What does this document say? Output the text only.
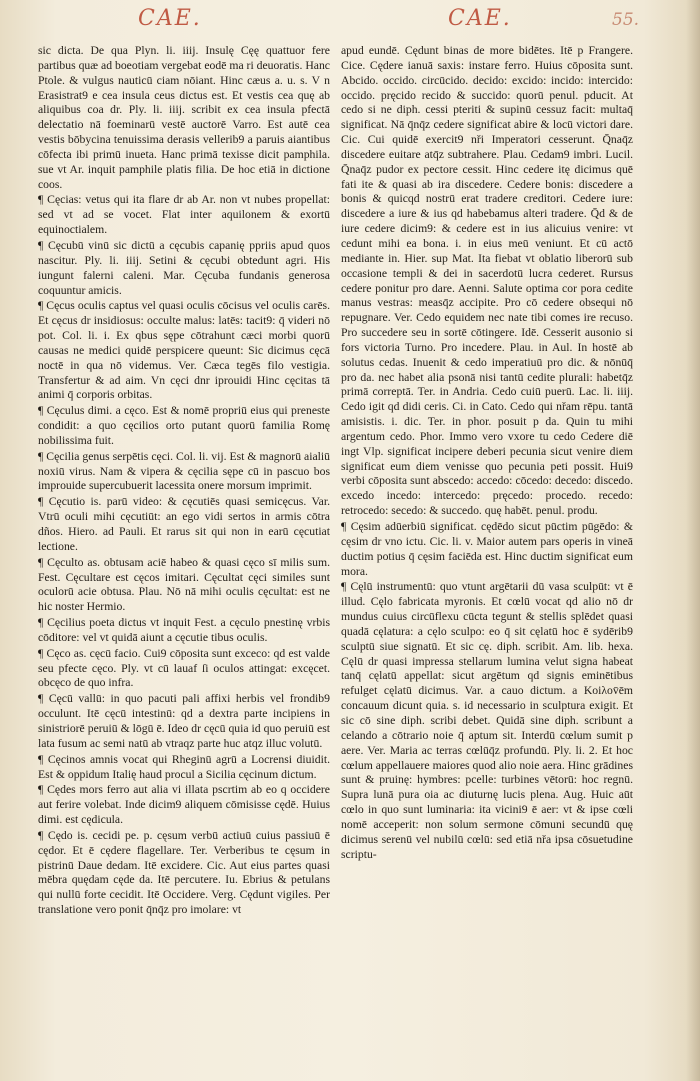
CAE.	CAE.	55.

sic dicta. De qua Plyn. li. iiij. Insulę Cęę quattuor fere partibus quæ ad boeotiam vergebat eodē ma ri deuoratis. Hanc Ptole. & vulgus nauticū ciam nōiant. Hinc cæus a. u. s. V n Erasistrat9 e cea insula ceus dictus est. Et vestis cea quę ab aliquibus coa dr. Ply. li. iiij. scribit ex cea insula pfectā delectatio nā foeminarū vestē auctorē Varro. Est autē cea vestis bōbycina tenuissima derasis vellerib9 a paruis aiantibus cōfecta ibi primū inueta. Hanc primā texisse dicit pamphila. sue vt Ar. inquit pamphile platis filia. De hoc etiā in dictione coos.

¶ Cęcias: vetus qui ita flare dr ab Ar. non vt nubes propellat: sed vt ad se vocet. Flat inter aquilonem & exortū equinoctialem.

¶ Cęcubū vinū sic dictū a cęcubis capanię ppriis apud quos nascitur. Ply. li. iiij. Setini & cęcubi obtedunt agri. His iungunt falerni caleni. Mar. Cęcuba fundanis generosa coquuntur amicis.

¶ Cęcus oculis captus vel quasi oculis cōcisus vel oculis carēs. Et cęcus dr insidiosus: occulte malus: latēs: tacit9: q̄ videri nō pot. Col. li. i. Ex qbus sępe cōtrahunt cæci morbi quorū causas ne medici quidē perspicere queunt: Sic dicimus cęcā noctē in qua nō videmus. Ver. Cæca tegēs filo vestigia. Transfertur & ad aim. Vn cęci dnr iprouidi Hinc cęcitas tā animi q̄ corporis orbitas.

¶ Cęculus dimi. a cęco. Est & nomē propriū eius qui preneste condidit: a quo cęcilios orto putant quorū familia Romę nobilissima fuit.

¶ Cęcilia genus serpētis cęci. Col. li. vij. Est & magnorū aialiū noxiū virus. Nam & vipera & cęcilia sępe cū in pascuo bos improuide supercubuerit lacessita onere morsum imprimit.

¶ Cęcutio is. parū video: & cęcutiēs quasi semicęcus. Var. Vtrū oculi mihi cęcutiūt: an ego vidi sertos in armis cōtra dños. Hiero. ad Pauli. Et rarus sit qui non in earū cęcutiat lectione.

¶ Cęculto as. obtusam aciē habeo & quasi cęco sī milis sum. Fest. Cęcultare est cęcos imitari. Cęcultat cęci similes sunt oculorū acie obtusa. Plau. Nō nā mihi oculis cęcultat: est ne hic noster Hermio.

¶ Cęcilius poeta dictus vt inquit Fest. a cęculo pnestinę vrbis cōditore: vel vt quidā aiunt a cęcutie tibus oculis.

¶ Cęco as. cęcū facio. Cui9 cōposita sunt exceco: qd est valde seu pfecte cęco. Ply. vt cū lauaf ſi oculos attingat: excęcet. obcęco de quo infra.

¶ Cęcū vallū: in quo pacuti pali affixi herbis vel frondib9 occulunt. Itē cęcū intestinū: qd a dextra parte incipiens in sinistriorē peruiū & lōgū ē. Ideo dr cęcū quia id quo peruiū est lata fusum ac semi natū ab vtraqz parte huc atqz illuc volutū.

¶ Cęcinos amnis vocat qui Rheginū agrū a Locrensi diuidit. Est & oppidum Italię haud procul a Sicilia cęcinum dictum.

¶ Cędes mors ferro aut alia vi illata pscrtim ab eo q occidere aut ferire volebat. Inde dicim9 aliquem cōmisisse cędē. Huius dimi. est cędicula.

¶ Cędo is. cecidi pe. p. cęsum verbū actiuū cuius passiuū ē cędor. Et ē cędere flagellare. Ter. Verberibus te cęsum in pistrinū Daue dedam. Itē excidere. Cic. Aut eius partes quasi mēbra quędam cęde da. Itē percutere. Iu. Ebrius & petulans qui nullū forte cecidit. Itē Occidere. Verg. Cędunt vigiles. Per translatione vero ponit q̄nq̄z pro imolare: vt

apud eundē. Cędunt binas de more bidētes. Itē p Frangere. Cice. Cędere ianuā saxis: instare ferro. Huius cōposita sunt. Abcido. occido. circūcido. decido: excido: incido: intercido: occido. pręcido recido & succido: quorū penul. pducit. At cedo si ne diph. cessi pteriti & supinū cessuz facit: multaq̄ significat. Nā q̄nq̄z cedere significat abire & locū victori dare. Cic. Cui quidē exercit9 nři Imperatori cesserunt. Q̄naq̄z discedere euitare atq̄z subtrahere. Plau. Cedam9 imbri. Lucil. Q̄naq̄z pudor ex pectore cessit. Hinc cedere itę dicimus quē fati ite & quasi ab ira discedere. Cedere bonis: discedere a bonis & quicqd nostrū erat tradere creditori. Cedere iure: discedere a iure & ius qd habebamus alteri tradere. Q̄d & de iure cedere dicim9: & cedere est in ius alicuius venire: vt cedunt mihi ea bona. i. in eius meū veniunt. Et cū actō mediante in. Hier. sup Mat. Ita fiebat vt oblatio liberorū sub occasione templi & dei in sacerdotū lucra cederet. Rursus cedere ponitur pro dare. Aenni. Salute optima cor pora cedite manus vestras: measq̄z accipite. Pro cō cedere obsequi nō repugnare. Ver. Cedo equidem nec nate tibi comes ire recuso. Pro succedere seu in sortē cōtingere. Idē. Cesserit ausonio si fors victoria Turno. Pro incedere. Plau. in Aul. In hostē ab solutus cedas. Inuenit & cedo imperatiuū pro dic. & nōnūq̄ pro da. nec habet alia psonā nisi tantū cedite plurali: habetq̄z primā correptā. Ter. in Andria. Cedo cuiū puerū. Lac. li. iiij. Cedo igit qd didi ceris. Ci. in Cato. Cedo qui nřam rēpu. tantā amisistis. i. dic. Ter. in phor. posuit p da. Quin tu mihi argentum cedo. Phor. Immo vero vxore tu cedo Cedere diē ingt Vlp. significat incipere deberi pecunia sicut venire diem significat eum diem venisse quo pecunia peti possit. Hui9 verbi cōposita sunt abscedo: accedo: cōcedo: decedo: discedo. excedo incedo: intercedo: pręcedo: procedo. recedo: retrocedo: secedo: & succedo. quę habēt. penul. produ.

¶ Cęsim adūerbiū significat. cędēdo sicut pūctim pūgēdo: & cęsim dr vno ictu. Cic. li. v. Maior autem pars operis in vineā ductim potius q̄ cęsim faciēda est. Hinc ductim significat eum mora.

¶ Cęlū instrumentū: quo vtunt argētarii dū vasa sculpūt: vt ē illud. Cęlo fabricata myronis. Et cœlū vocat qd alio nō dr mundus cuius circūflexu cūcta tegunt & stellis splēdet quasi quadā cęlatura: a cęlo sculpo: eo q̄ sit cęlatū hoc ē sydērib9 sculptū siue signatū. Et sic cę. diph. scribit. Am. lib. hexa. Cęlū dr quasi impressa stellarum lumina velut signa habeat tanq̄ cęlatū appellat: sicut argētum qd signis eminētibus refulget cęlatū dicimus. Var. a cauo dictum. a Koiλov̄ēm concauum dicunt quia. s. id necessario in sculptura exigit. Et sic cō sine diph. scribi debet. Quidā sine diph. scribunt a celando a cōtrario noie q̄ aptum sit. Interdū cœlum sumit p aere. Ver. Maria ac terras cœlūq̄z profundū. Ply. li. 2. Et hoc cœlum appellauere maiores quod alio noie aera. Hinc grādines sunt & pruinę: hymbres: pcelle: turbines vētorū: hoc regnū. Supra lunā pura oia ac diuturnę lucis plena. Aug. Huic aūt cœlo in quo sunt luminaria: ita vicini9 ē aer: vt & ipse cœli nomē acceperit: non solum sermone cōmuni secundū quę dicimus serenū vel nubilū cœlū: sed etiā nřa ipsa cōsuetudine scriptu-
